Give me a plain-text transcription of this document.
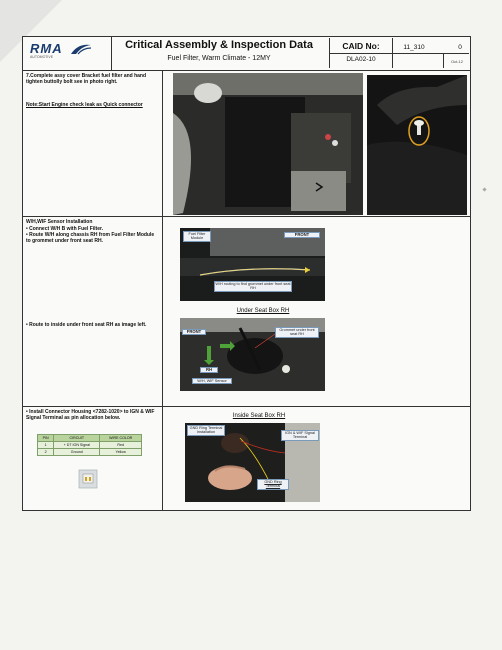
RMA
AUTOMOTIVE
Critical Assembly & Inspection Data
Fuel Filter, Warm Climate - 12MY
CAID No:
DLA02-10
11_310	0
Oct-12
7.Complete assy cover Bracket fuel filter and hand tighten buttolly bolt see in photo right.
Note:Start Engine check leak as Quick connector
W/H,WIF Sensor Installation
• Connect W/H B with Fuel Filter.
• Route W/H along chassis RH from Fuel Filter Module to grommet under front seat RH.
• Route to inside under front seat RH as image left.
Fuel Filter Module
FRONT
W/H routing to find grommet under front seat RH
Under Seat Box RH
FRONT	Grommet under front seat RH
RH
W/H, WIF Sensor
• Install Connector Housing <7282-1020> to IGN & WIF Signal Terminal as pin allocation below.
PIN	CIRCUIT	WIRE COLOR
1	+ DT ION Signal	Red
2	Ground	Yellow
Inside Seat Box RH
GND Ring Terminal Installation	IGN & WIF Signal Terminal
GND Ring Terminal
